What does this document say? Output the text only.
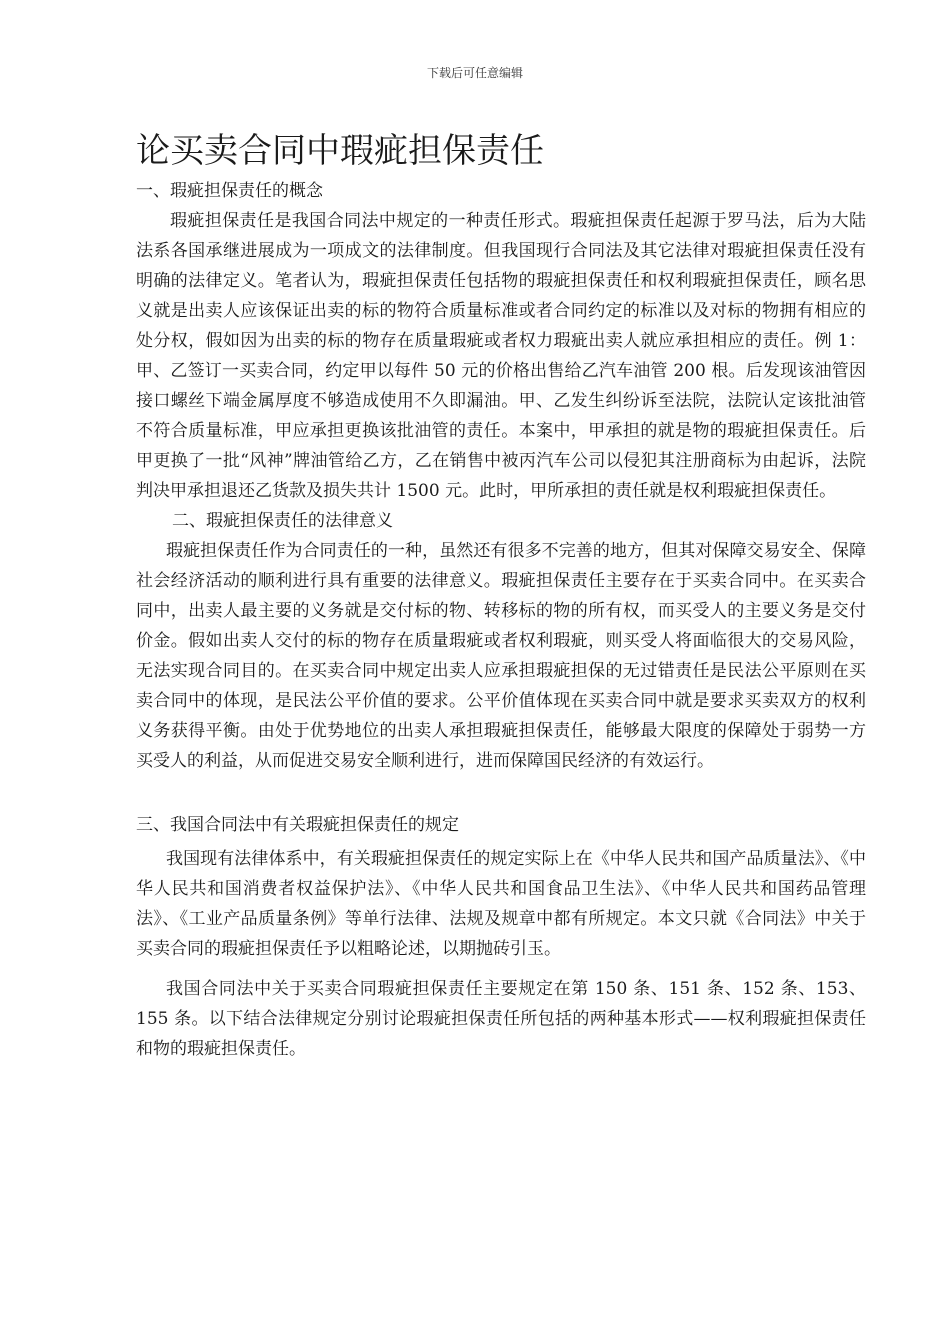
下载后可任意编辑
论买卖合同中瑕疵担保责任
一、瑕疵担保责任的概念

瑕疵担保责任是我国合同法中规定的一种责任形式。瑕疵担保责任起源于罗马法，后为大陆法系各国承继进展成为一项成文的法律制度。但我国现行合同法及其它法律对瑕疵担保责任没有明确的法律定义。笔者认为，瑕疵担保责任包括物的瑕疵担保责任和权利瑕疵担保责任，顾名思义就是出卖人应该保证出卖的标的物符合质量标准或者合同约定的标准以及对标的物拥有相应的处分权，假如因为出卖的标的物存在质量瑕疵或者权力瑕疵出卖人就应承担相应的责任。例 1：甲、乙签订一买卖合同，约定甲以每件 50 元的价格出售给乙汽车油管 200 根。后发现该油管因接口螺丝下端金属厚度不够造成使用不久即漏油。甲、乙发生纠纷诉至法院，法院认定该批油管不符合质量标准，甲应承担更换该批油管的责任。本案中，甲承担的就是物的瑕疵担保责任。后甲更换了一批“风神”牌油管给乙方，乙在销售中被丙汽车公司以侵犯其注册商标为由起诉，法院判决甲承担退还乙货款及损失共计 1500 元。此时，甲所承担的责任就是权利瑕疵担保责任。

二、瑕疵担保责任的法律意义

瑕疵担保责任作为合同责任的一种，虽然还有很多不完善的地方，但其对保障交易安全、保障社会经济活动的顺利进行具有重要的法律意义。瑕疵担保责任主要存在于买卖合同中。在买卖合同中，出卖人最主要的义务就是交付标的物、转移标的物的所有权，而买受人的主要义务是交付价金。假如出卖人交付的标的物存在质量瑕疵或者权利瑕疵，则买受人将面临很大的交易风险，无法实现合同目的。在买卖合同中规定出卖人应承担瑕疵担保的无过错责任是民法公平原则在买卖合同中的体现，是民法公平价值的要求。公平价值体现在买卖合同中就是要求买卖双方的权利义务获得平衡。由处于优势地位的出卖人承担瑕疵担保责任，能够最大限度的保障处于弱势一方买受人的利益，从而促进交易安全顺利进行，进而保障国民经济的有效运行。

三、我国合同法中有关瑕疵担保责任的规定

我国现有法律体系中，有关瑕疵担保责任的规定实际上在《中华人民共和国产品质量法》、《中华人民共和国消费者权益保护法》、《中华人民共和国食品卫生法》、《中华人民共和国药品管理法》、《工业产品质量条例》等单行法律、法规及规章中都有所规定。本文只就《合同法》中关于买卖合同的瑕疵担保责任予以粗略论述，以期抛砖引玉。

我国合同法中关于买卖合同瑕疵担保责任主要规定在第 150 条、151 条、152 条、153、155 条。以下结合法律规定分别讨论瑕疵担保责任所包括的两种基本形式——权利瑕疵担保责任和物的瑕疵担保责任。
